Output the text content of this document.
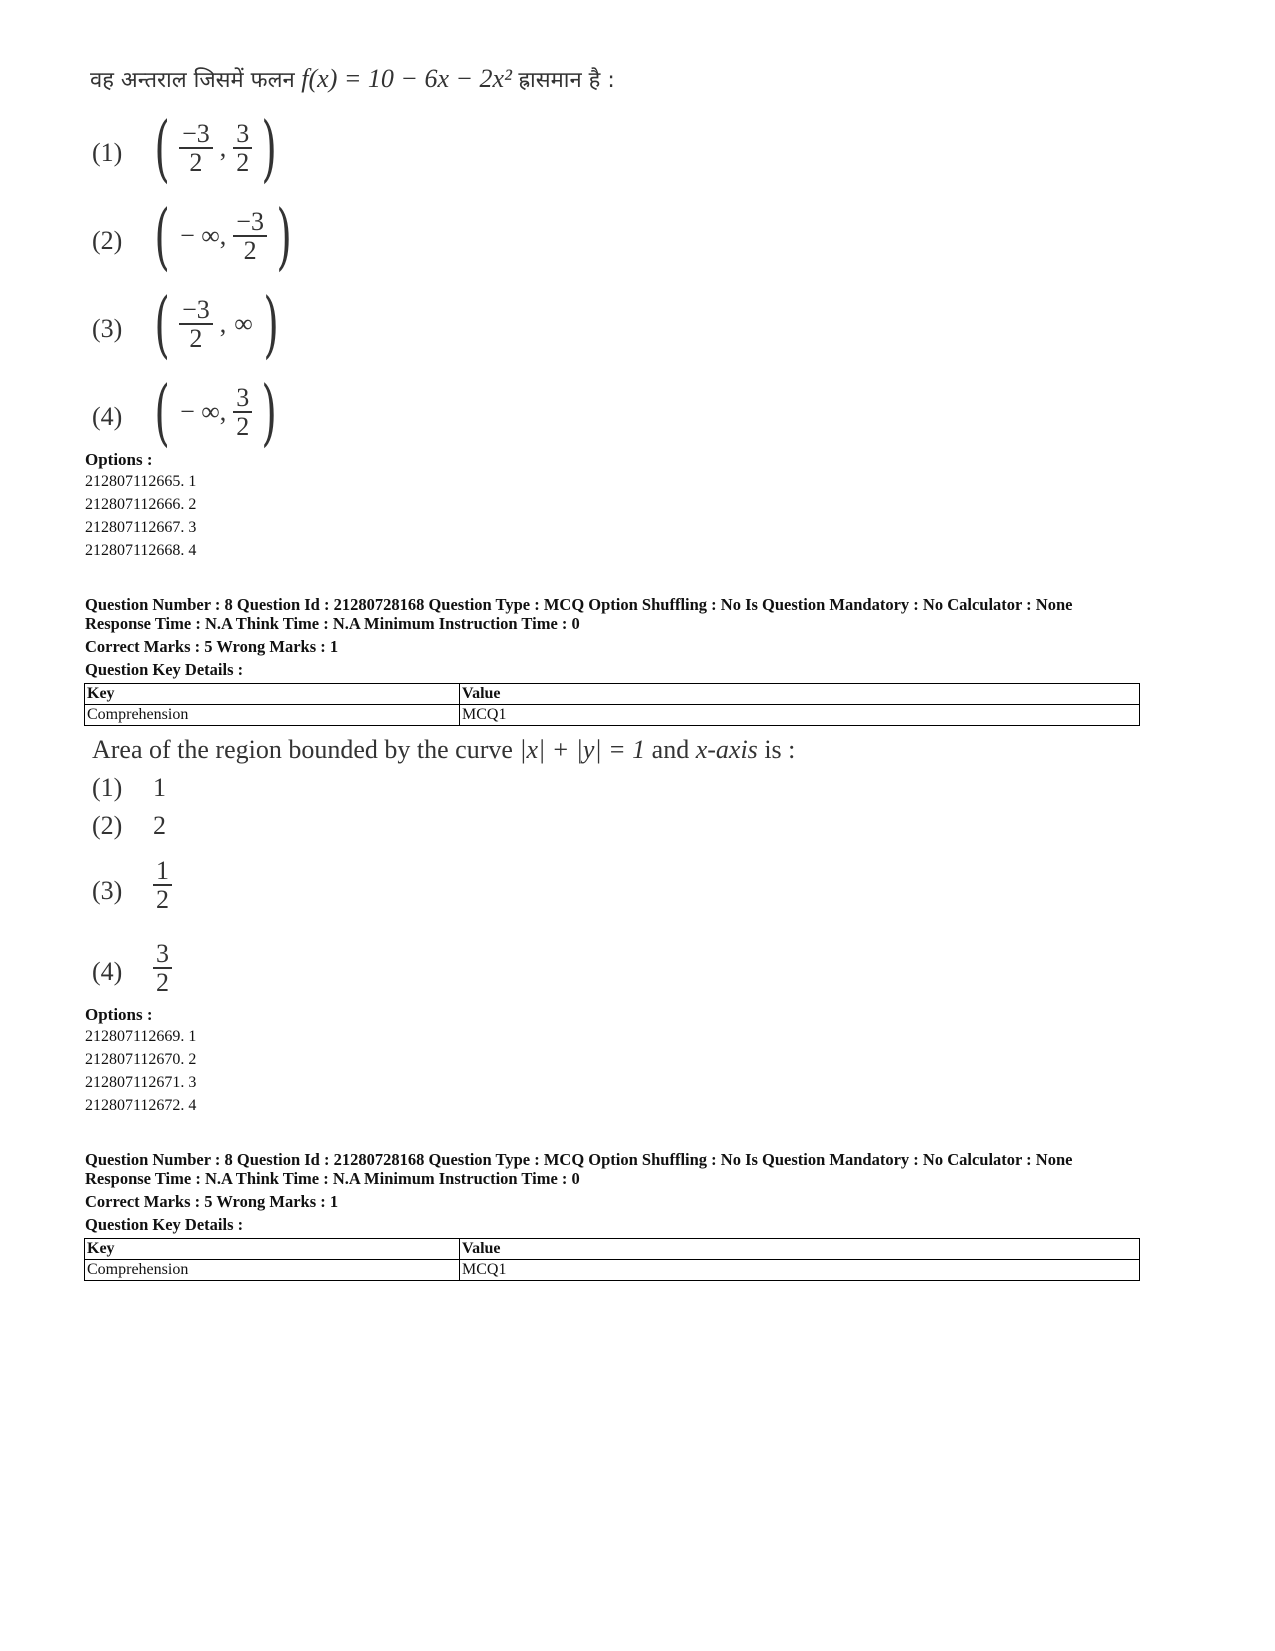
वह अन्तराल जिसमें फलन f(x) = 10 − 6x − 2x² ह्रासमान है :
(1) ( $\frac{-3}{2}$ , $\frac{3}{2}$ )
(2) ( − ∞, $\frac{-3}{2}$ )
(3) ( $\frac{-3}{2}$ , ∞ )
(4) ( − ∞, $\frac{3}{2}$ )
Options :
212807112665. 1
212807112666. 2
212807112667. 3
212807112668. 4
Question Number : 8 Question Id : 21280728168 Question Type : MCQ Option Shuffling : No Is Question Mandatory : No Calculator : None
Response Time : N.A Think Time : N.A Minimum Instruction Time : 0
Correct Marks : 5 Wrong Marks : 1
Question Key Details :
Key	Value
Comprehension	MCQ1
Area of the region bounded by the curve |x| + |y| = 1 and x-axis is :
(1) 1
(2) 2
$(3) \frac{1}{2}$
$(4) \frac{3}{2}$
Options :
212807112669. 1
212807112670. 2
212807112671. 3
212807112672. 4
Question Number : 8 Question Id : 21280728168 Question Type : MCQ Option Shuffling : No Is Question Mandatory : No Calculator : None
Response Time : N.A Think Time : N.A Minimum Instruction Time : 0
Correct Marks : 5 Wrong Marks : 1
Question Key Details :
Key	Value
Comprehension	MCQ1
